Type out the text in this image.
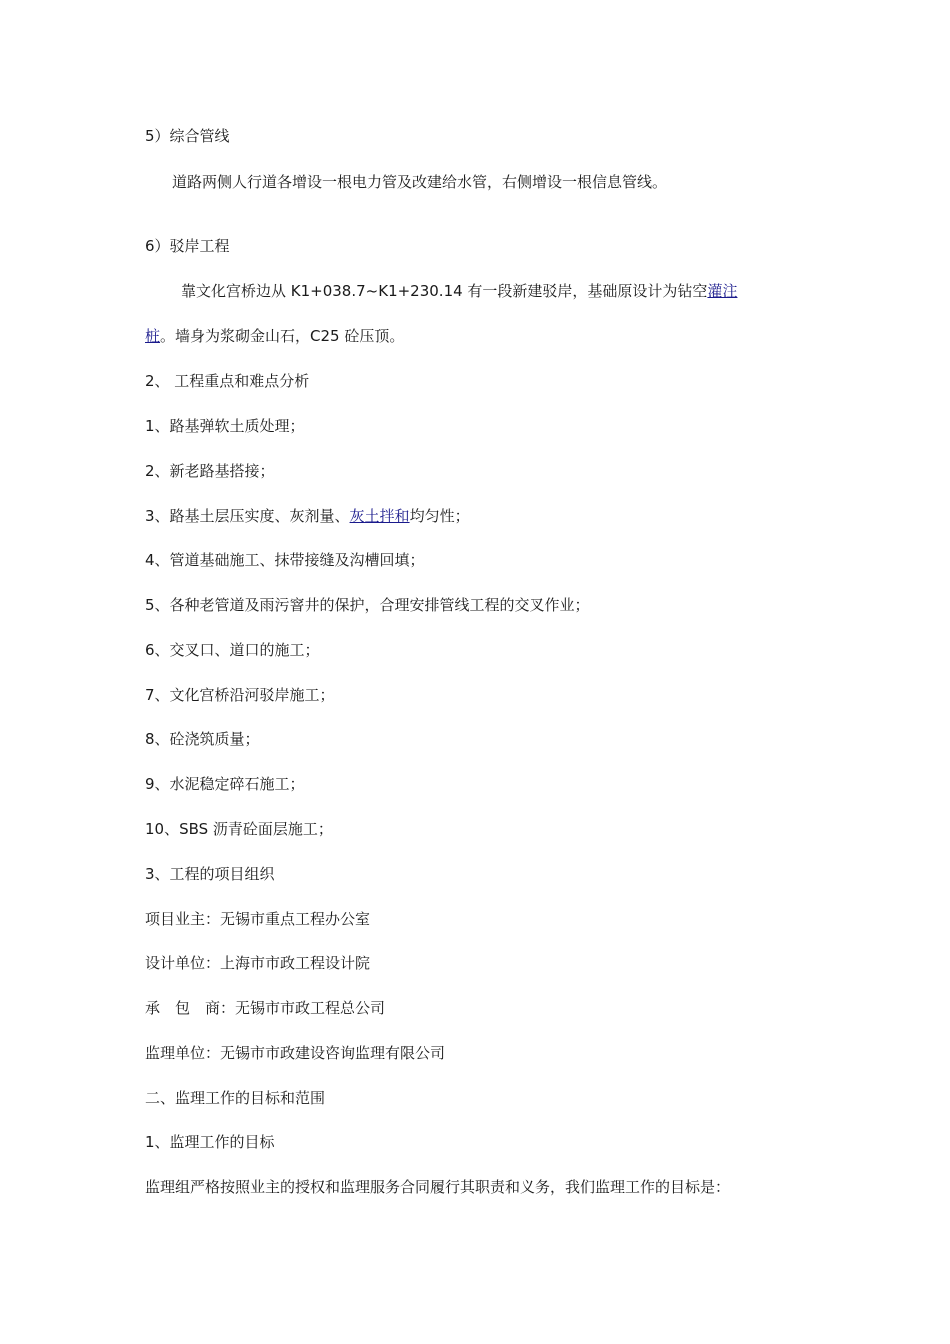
5）综合管线
道路两侧人行道各增设一根电力管及改建给水管，右侧增设一根信息管线。
6）驳岸工程
靠文化宫桥边从 K1+038.7~K1+230.14 有一段新建驳岸，基础原设计为钻空灌注
桩。墙身为浆砌金山石，C25 砼压顶。
2、 工程重点和难点分析
1、路基弹软土质处理；
2、新老路基搭接；
3、路基土层压实度、灰剂量、灰土拌和均匀性；
4、管道基础施工、抹带接缝及沟槽回填；
5、各种老管道及雨污窨井的保护，合理安排管线工程的交叉作业；
6、交叉口、道口的施工；
7、文化宫桥沿河驳岸施工；
8、砼浇筑质量；
9、水泥稳定碎石施工；
10、SBS 沥青砼面层施工；
3、工程的项目组织
项目业主：无锡市重点工程办公室
设计单位：上海市市政工程设计院
承　包　商：无锡市市政工程总公司
监理单位：无锡市市政建设咨询监理有限公司
二、监理工作的目标和范围
1、监理工作的目标
监理组严格按照业主的授权和监理服务合同履行其职责和义务，我们监理工作的目标是：
